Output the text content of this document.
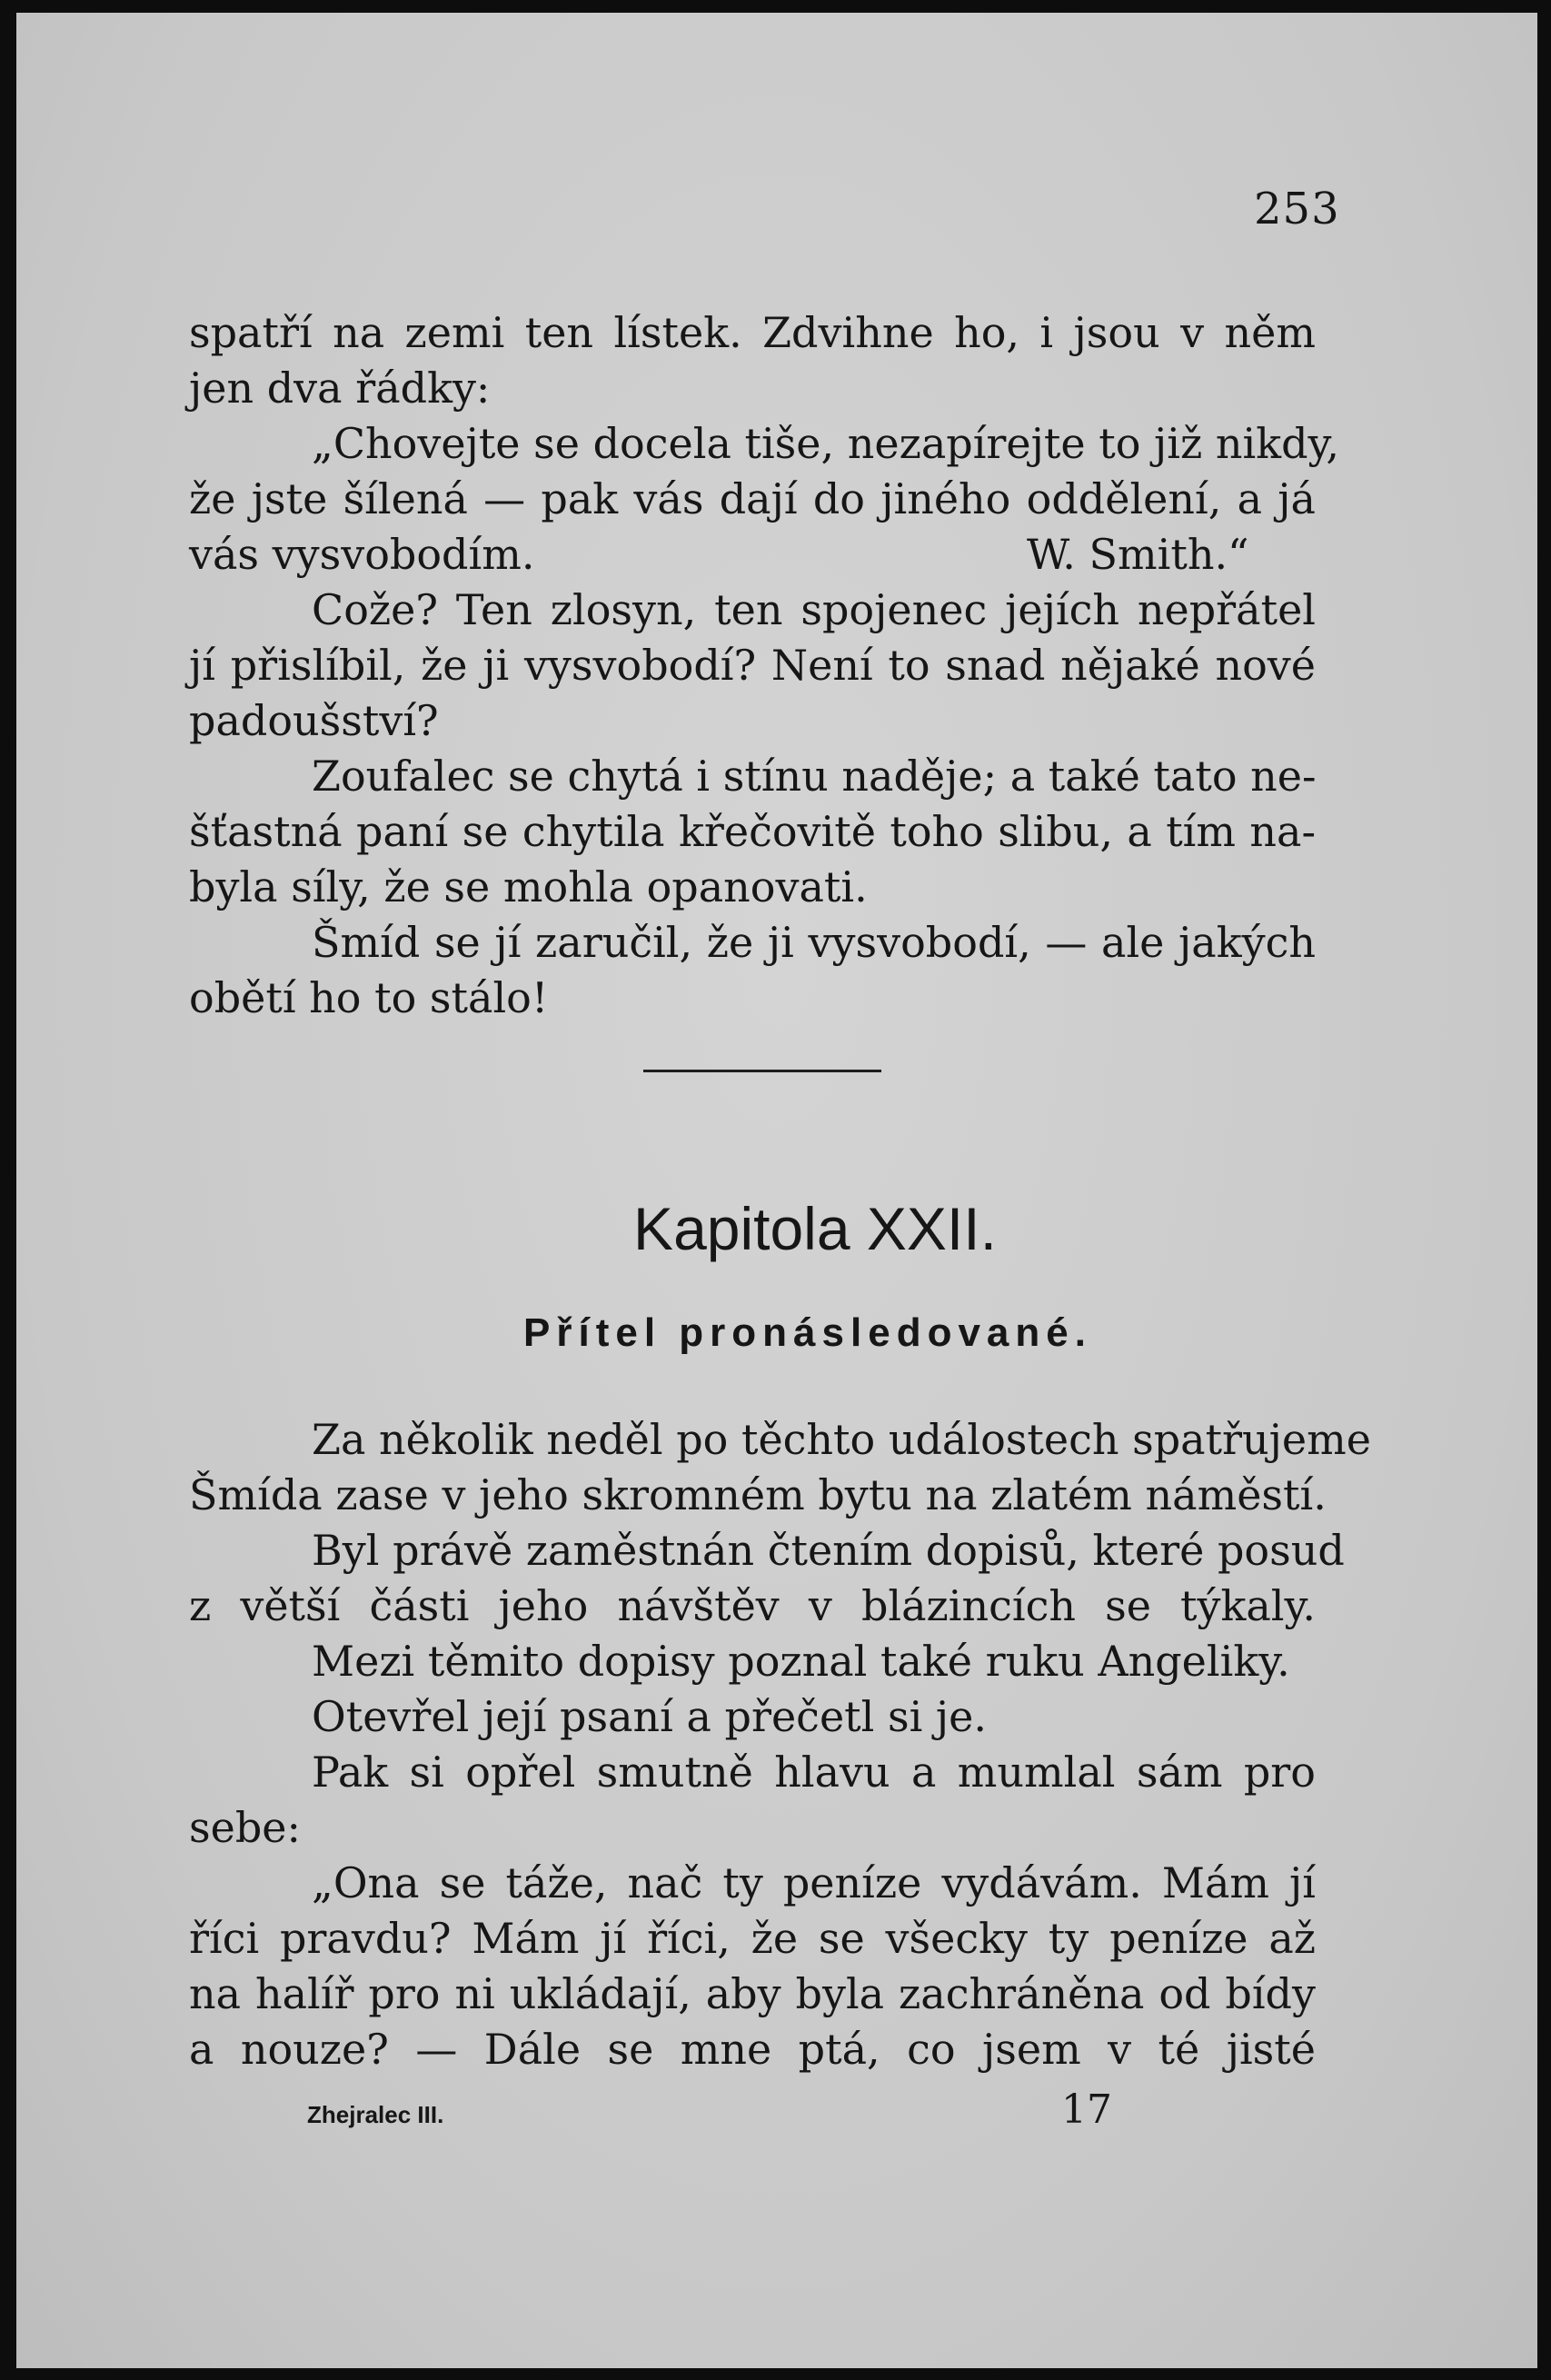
253
spatří na zemi ten lístek. Zdvihne ho, i jsou v něm
jen dva řádky:
„Chovejte se docela tiše, nezapírejte to již nikdy,
že jste šílená — pak vás dají do jiného oddělení, a já
vás vysvobodím.	W. Smith.“
Cože? Ten zlosyn, ten spojenec jejích nepřátel
jí přislíbil, že ji vysvobodí? Není to snad nějaké nové
padoušství?
Zoufalec se chytá i stínu naděje; a také tato ne-
šťastná paní se chytila křečovitě toho slibu, a tím na-
byla síly, že se mohla opanovati.
Šmíd se jí zaručil, že ji vysvobodí, — ale jakých
obětí ho to stálo!
Kapitola XXII.
Přítel pronásledované.
Za několik neděl po těchto událostech spatřujeme
Šmída zase v jeho skromném bytu na zlatém náměstí.
Byl právě zaměstnán čtením dopisů, které posud
z větší části jeho návštěv v blázincích se týkaly.
Mezi těmito dopisy poznal také ruku Angeliky.
Otevřel její psaní a přečetl si je.
Pak si opřel smutně hlavu a mumlal sám pro
sebe:
„Ona se táže, nač ty peníze vydávám. Mám jí
říci pravdu? Mám jí říci, že se všecky ty peníze až
na halíř pro ni ukládají, aby byla zachráněna od bídy
a nouze? — Dále se mne ptá, co jsem v té jisté
Zhejralec III.	17
